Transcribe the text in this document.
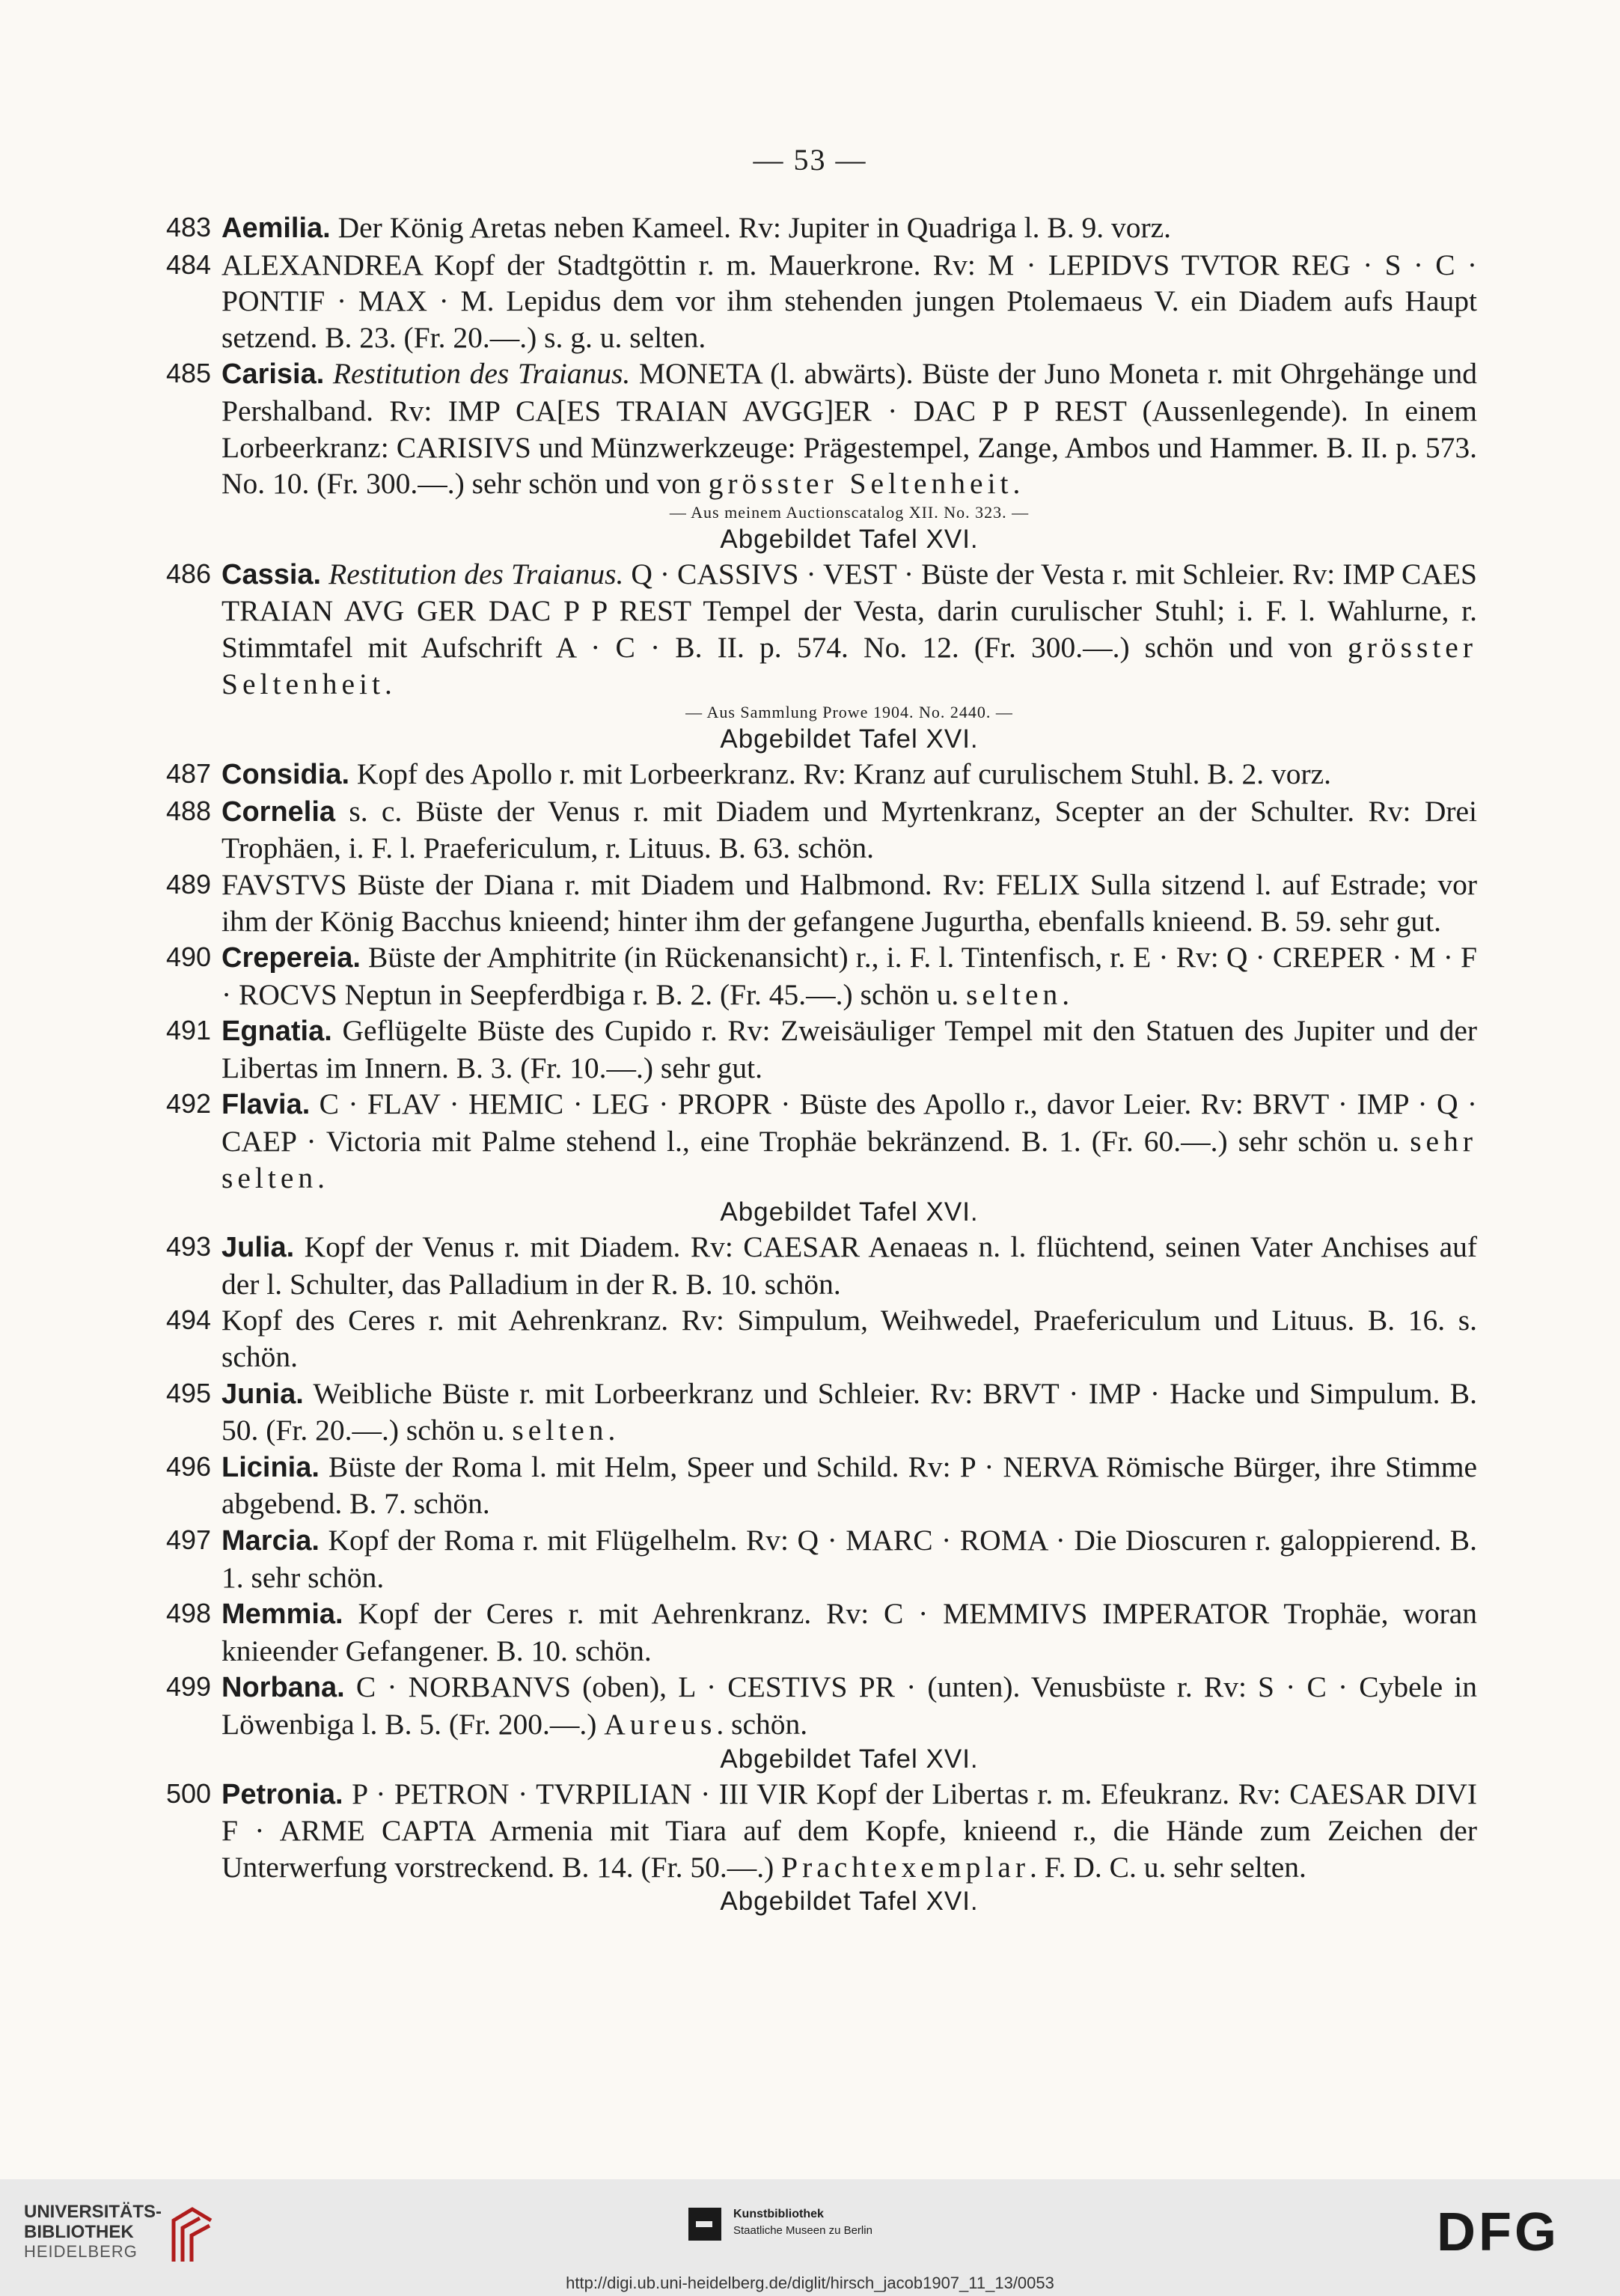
— 53 —
483 Aemilia. Der König Aretas neben Kameel. Rv: Jupiter in Quadriga l. B. 9. vorz.
484 ALEXANDREA Kopf der Stadtgöttin r. m. Mauerkrone. Rv: M · LEPIDVS TVTOR REG · S · C · PONTIF · MAX · M. Lepidus dem vor ihm stehenden jungen Ptolemaeus V. ein Diadem aufs Haupt setzend. B. 23. (Fr. 20.—.) s. g. u. selten.
485 Carisia. Restitution des Traianus. MONETA (l. abwärts). Büste der Juno Moneta r. mit Ohrgehänge und Pershalband. Rv: IMP CA[ES TRAIAN AVGG]ER · DAC P P REST (Aussenlegende). In einem Lorbeerkranz: CARISIVS und Münzwerkzeuge: Prägestempel, Zange, Ambos und Hammer. B. II. p. 573. No. 10. (Fr. 300.—.) sehr schön und von grösster Seltenheit.
— Aus meinem Auctionscatalog XII. No. 323. —
Abgebildet Tafel XVI.
486 Cassia. Restitution des Traianus. Q · CASSIVS · VEST · Büste der Vesta r. mit Schleier. Rv: IMP CAES TRAIAN AVG GER DAC P P REST Tempel der Vesta, darin curulischer Stuhl; i. F. l. Wahlurne, r. Stimmtafel mit Aufschrift A · C · B. II. p. 574. No. 12. (Fr. 300.—.) schön und von grösster Seltenheit.
— Aus Sammlung Prowe 1904. No. 2440. —
Abgebildet Tafel XVI.
487 Considia. Kopf des Apollo r. mit Lorbeerkranz. Rv: Kranz auf curulischem Stuhl. B. 2. vorz.
488 Cornelia s. c. Büste der Venus r. mit Diadem und Myrtenkranz, Scepter an der Schulter. Rv: Drei Trophäen, i. F. l. Praefericulum, r. Lituus. B. 63. schön.
489 FAVSTVS Büste der Diana r. mit Diadem und Halbmond. Rv: FELIX Sulla sitzend l. auf Estrade; vor ihm der König Bacchus knieend; hinter ihm der gefangene Jugurtha, ebenfalls knieend. B. 59. sehr gut.
490 Crepereia. Büste der Amphitrite (in Rückenansicht) r., i. F. l. Tintenfisch, r. E · Rv: Q · CREPER · M · F · ROCVS Neptun in Seepferdbiga r. B. 2. (Fr. 45.—.) schön u. selten.
491 Egnatia. Geflügelte Büste des Cupido r. Rv: Zweisäuliger Tempel mit den Statuen des Jupiter und der Libertas im Innern. B. 3. (Fr. 10.—.) sehr gut.
492 Flavia. C · FLAV · HEMIC · LEG · PROPR · Büste des Apollo r., davor Leier. Rv: BRVT · IMP · Q · CAEP · Victoria mit Palme stehend l., eine Trophäe bekränzend. B. 1. (Fr. 60.—.) sehr schön u. sehr selten.
Abgebildet Tafel XVI.
493 Julia. Kopf der Venus r. mit Diadem. Rv: CAESAR Aenaeas n. l. flüchtend, seinen Vater Anchises auf der l. Schulter, das Palladium in der R. B. 10. schön.
494 Kopf des Ceres r. mit Aehrenkranz. Rv: Simpulum, Weihwedel, Praefericulum und Lituus. B. 16. s. schön.
495 Junia. Weibliche Büste r. mit Lorbeerkranz und Schleier. Rv: BRVT · IMP · Hacke und Simpulum. B. 50. (Fr. 20.—.) schön u. selten.
496 Licinia. Büste der Roma l. mit Helm, Speer und Schild. Rv: P · NERVA Römische Bürger, ihre Stimme abgebend. B. 7. schön.
497 Marcia. Kopf der Roma r. mit Flügelhelm. Rv: Q · MARC · ROMA · Die Dioscuren r. galoppierend. B. 1. sehr schön.
498 Memmia. Kopf der Ceres r. mit Aehrenkranz. Rv: C · MEMMIVS IMPERATOR Trophäe, woran knieender Gefangener. B. 10. schön.
499 Norbana. C · NORBANVS (oben), L · CESTIVS PR · (unten). Venusbüste r. Rv: S · C · Cybele in Löwenbiga l. B. 5. (Fr. 200.—.) Aureus. schön.
Abgebildet Tafel XVI.
500 Petronia. P · PETRON · TVRPILIAN · III VIR Kopf der Libertas r. m. Efeukranz. Rv: CAESAR DIVI F · ARME CAPTA Armenia mit Tiara auf dem Kopfe, knieend r., die Hände zum Zeichen der Unterwerfung vorstreckend. B. 14. (Fr. 50.—.) Prachtexemplar. F. D. C. u. sehr selten.
Abgebildet Tafel XVI.
UNIVERSITÄTS-
BIBLIOTHEK
HEIDELBERG
Kunstbibliothek
Staatliche Museen zu Berlin	DFG
http://digi.ub.uni-heidelberg.de/diglit/hirsch_jacob1907_11_13/0053
